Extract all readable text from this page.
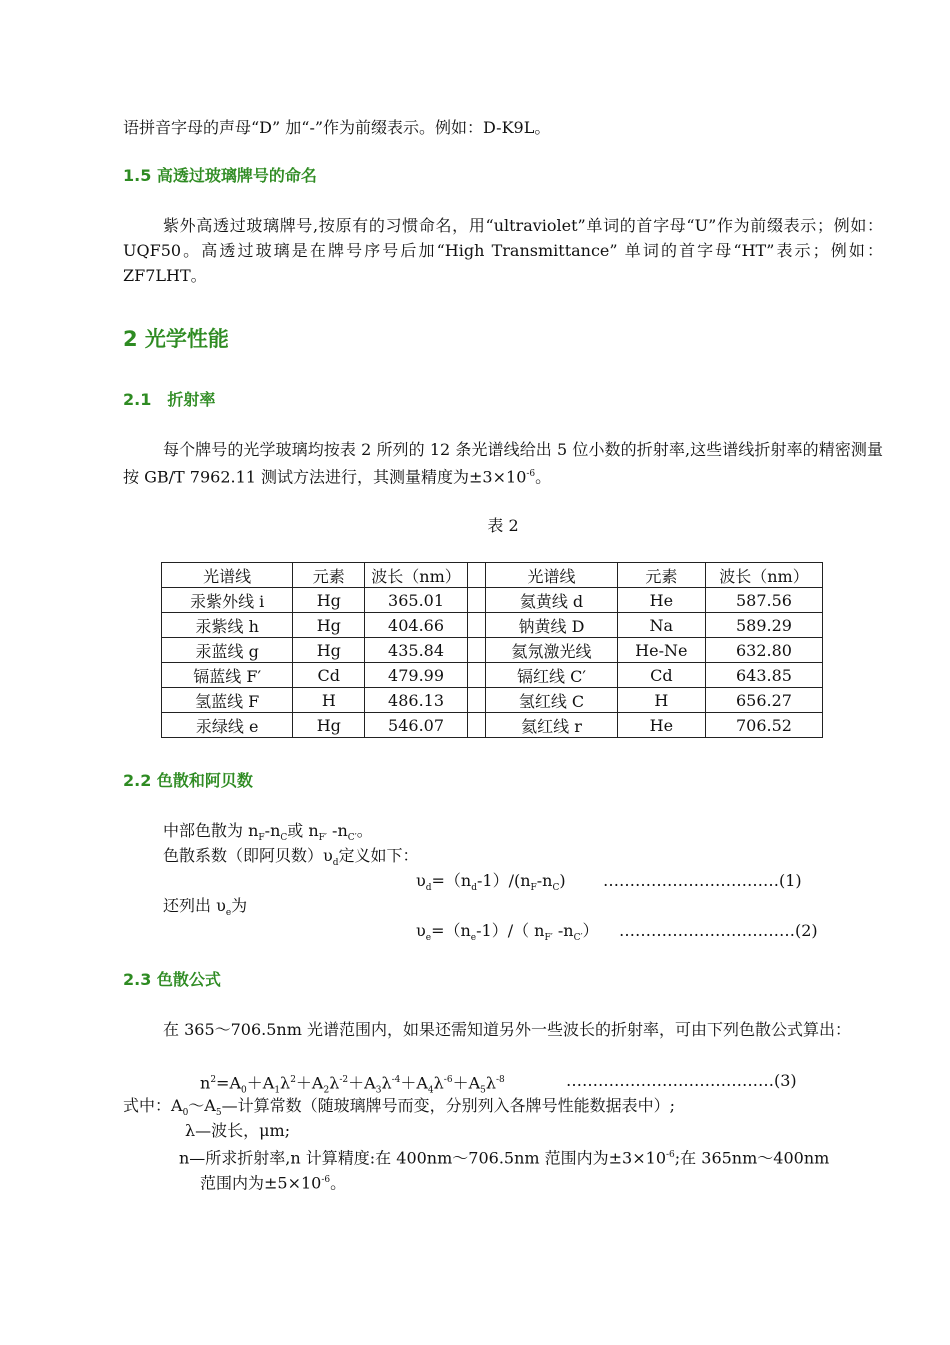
语拼音字母的声母“D” 加“-”作为前缀表示。例如：D-K9L。

1.5 高透过玻璃牌号的命名

紫外高透过玻璃牌号,按原有的习惯命名，用“ultraviolet”单词的首字母“U”作为前缀表示；例如：UQF50。高透过玻璃是在牌号序号后加“High Transmittance” 单词的首字母“HT”表示；例如：ZF7LHT。

2 光学性能
2.1　折射率

每个牌号的光学玻璃均按表 2 所列的 12 条光谱线给出 5 位小数的折射率,这些谱线折射率的精密测量按 GB/T 7962.11 测试方法进行，其测量精度为$\pm 3\times 10^{-6}$。

表 2
光谱线	元素	波长（nm）		光谱线	元素	波长（nm）
汞紫外线 i	Hg	365.01		氦黄线 d	He	587.56
汞紫线 h	Hg	404.66		钠黄线 D	Na	589.29
汞蓝线 g	Hg	435.84		氦氖激光线	He-Ne	632.80
镉蓝线 F′	Cd	479.99		镉红线 C′	Cd	643.85
氢蓝线 F	H	486.13		氢红线 C	H	656.27
汞绿线 e	Hg	546.07		氦红线 r	He	706.52
2.2 色散和阿贝数
中部色散为 $n_F-n_C$或 $n_{F'}$ $-n_{C'}$。
色散系数（即阿贝数）$\upsilon_d$定义如下：
$\upsilon_d=(n_d-1)/(n_F-n_C)$ ……………………………(1)
还列出 $\upsilon_e$为
$\upsilon_e=(n_e-1)/$（ $n_{F'}$ $-n_{C'}$） ……………………………(2)
2.3 色散公式

在 365～706.5nm 光谱范围内，如果还需知道另外一些波长的折射率，可由下列色散公式算出：

$n^2=A_0+A_1\lambda^2+A_2\lambda^{-2}+A_3\lambda^{-4}+A_4\lambda^{-6}+A_5\lambda^{-8}$	…………………………………(3)
式中：$A_0\sim A_5—$计算常数（随玻璃牌号而变，分别列入各牌号性能数据表中）;
λ—波长，μm;
n—所求折射率,n 计算精度:在 400nm～706.5nm 范围内为$\pm 3\times 10^{-6}$;在 365nm～400nm
范围内为$\pm 5\times 10^{-6}$。
